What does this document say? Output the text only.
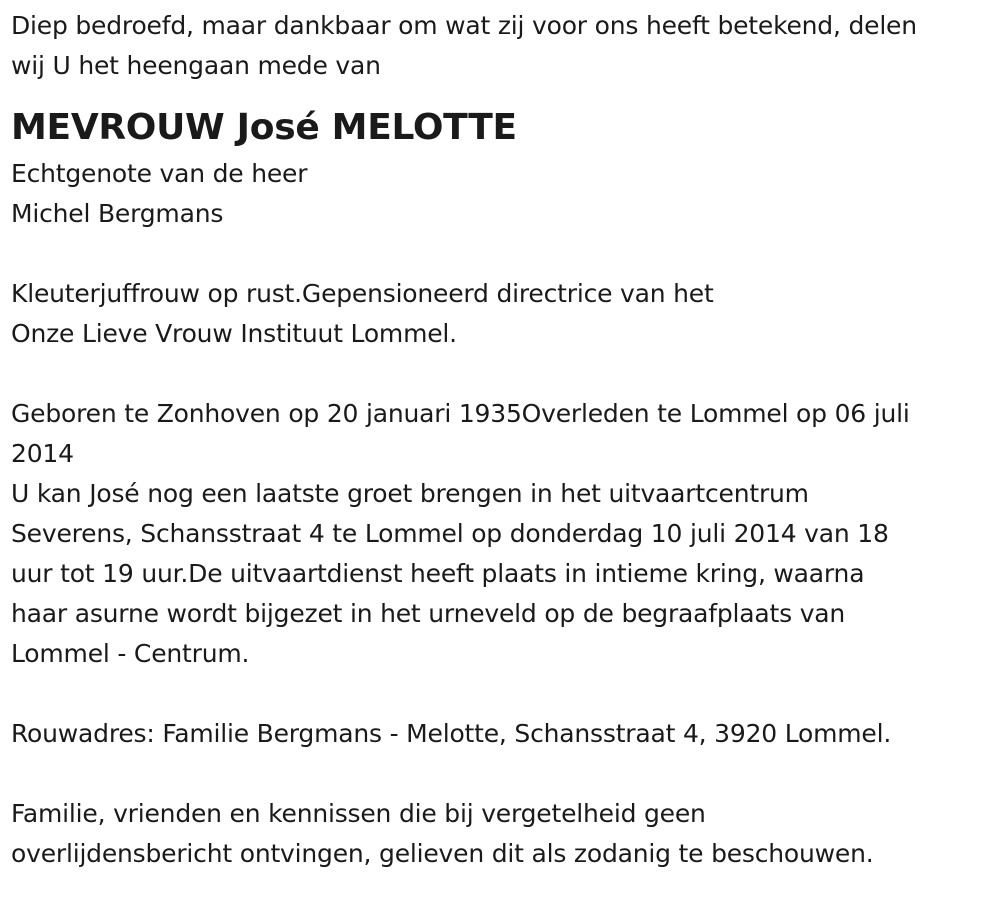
Diep bedroefd, maar dankbaar om wat zij voor ons heeft betekend, delen
wij U het heengaan mede van
MEVROUW José MELOTTE
Echtgenote van de heer
Michel Bergmans
Kleuterjuffrouw op rust.Gepensioneerd directrice van het
Onze Lieve Vrouw Instituut Lommel.
Geboren te Zonhoven op 20 januari 1935Overleden te Lommel op 06 juli
2014
U kan José nog een laatste groet brengen in het uitvaartcentrum
Severens, Schansstraat 4 te Lommel op donderdag 10 juli 2014 van 18
uur tot 19 uur.De uitvaartdienst heeft plaats in intieme kring, waarna
haar asurne wordt bijgezet in het urneveld op de begraafplaats van
Lommel - Centrum.
Rouwadres: Familie Bergmans - Melotte, Schansstraat 4, 3920 Lommel.
Familie, vrienden en kennissen die bij vergetelheid geen
overlijdensbericht ontvingen, gelieven dit als zodanig te beschouwen.
